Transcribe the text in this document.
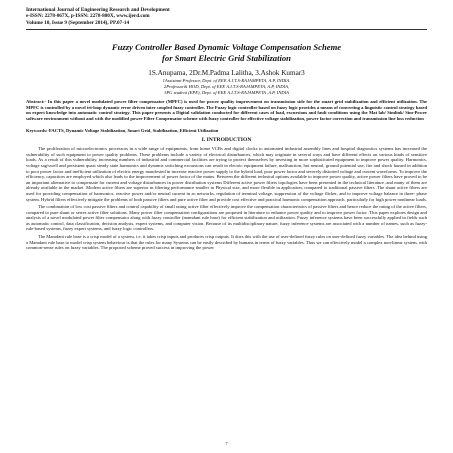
International Journal of Engineering Research and Development
e-ISSN: 2278-067X, p-ISSN: 2278-800X, www.ijerd.com
Volume 10, Issue 9 (September 2014), PP.07-14
Fuzzy Controller Based Dynamic Voltage Compensation Scheme
for Smart Electric Grid Stabilization
1S.Anupama, 2Dr.M.Padma Lalitha, 3.Ashok Kumar3
1Assistant Professor, Dept. of EEE A.I.T.S-RAJAMPETA, A.P, INDIA.
2Professor& HOD, Dept. of EEE A.I.T.S-RAJAMPETA, A.P, INDIA,
3PG student (EPE), Dept. of EEE A.I.T.S-RAJAMPETA ,A.P, INDIA
Abstract:- In this paper a novel modulated power filter compensator (MPFC) is used for power quality improvement on transmission side for the smart grid stabilization and efficient utilization. The MPFC is controlled by a novel tri-loop dynamic error driven inter coupled fuzzy controller. The Fuzzy logic controller based on fuzzy logic provides a means of converting a linguistic control strategy based on expert knowledge into automatic control strategy. This paper presents a Digital validation conducted for different cases of load, excursions and fault conditions using the Mat lab/ Simlink/ Sim-Power software environment without and with the modified power Filter Compensator scheme with fuzzy controller for effective voltage stabilization, power factor correction and transmission line loss reduction
Keywords:-FACTS, Dynamic Voltage Stabilization, Smart Grid, Stabilization, Efficient Utilization
I. INTRODUCTION

The proliferation of microelectronics processors in a wide range of equipments, from home VCRs and digital clocks to automated industrial assembly lines and hospital diagnostics systems has increased the vulnerability of such equipment to power quality problems. These problems include a variety of electrical disturbances, which may originate in several ways and have different effects on various kinds of sensitive loads. As a result of this vulnerability, increasing numbers of industrial and commercial facilities are trying to protect themselves by investing in more sophisticated equipment to improve power quality. Harmonics, voltage sag/swell and persistent quasi steady state harmonics and dynamic switching excursions can result in electric equipment failure, malfunction, hot neutral, ground potential use, fire and shock hazard in addition to poor power factor and inefficient utilization of electric energy manifested in increase reactive power supply to the hybrid load, poor power factor and severely distorted voltage and current waveforms. To improve the efficiency, capacitors are employed which also leads to the improvement of power factor of the mains. Between the different technical options available to improve power quality, active power filters have proved to be an important alternative to compensate for current and voltage disturbances in power distribution systems Different active power filters topologies have been presented in the technical literature ,and many of them are already available in the market .Modern active filters are superior in filtering performance smaller in Physical size, and more flexible in application, compared to traditional passive filters .The shunt active filters are used for providing compensation of harmonics, reactive power and/or neutral current in ac networks, regulation of terminal voltage, suppression of the voltage flicker, and to improve voltage balance in three- phase system. Hybrid filters effectively mitigate the problems of both passive filters and pure active filter and provide cost effective and practical harmonic compensation approach, particularly for high power nonlinear loads.

The combination of low cost passive filters and control capability of small rating active filter effectively improve the compensation characteristics of passive filters and hence reduce the rating of the active filters, compared to pure shunt or series active filter solutions. Many power filter compensation configurations are proposed in literature to enhance power quality and to improve power factor .This paper explores design and analysis of a novel modulated power filter compensator along with fuzzy controller (mamdani rule base) for efficient stabilization and utilization. Fuzzy inference systems have been successfully applied in fields such as automatic control, data classification, decision analysis, expert systems, and computer vision. Because of its multidisciplinary nature, fuzzy inference systems are associated with a number of names, such as fuzzy-rule-based systems, fuzzy expert systems, and fuzzy logic controllers.

The Mamdani rule base is a crisp model of a system, i.e. it takes crisp inputs and produces crisp outputs. It does this with the use of user-defined fuzzy rules on user-defined fuzzy variables. The idea behind using a Mamdani rule base to model crisp system behaviour is that the rules for many Systems can be easily described by humans in terms of fuzzy variables. Thus we can effectively model a complex non-linear system, with common-sense rules on fuzzy variables. The proposed scheme proved success in improving the power

7
